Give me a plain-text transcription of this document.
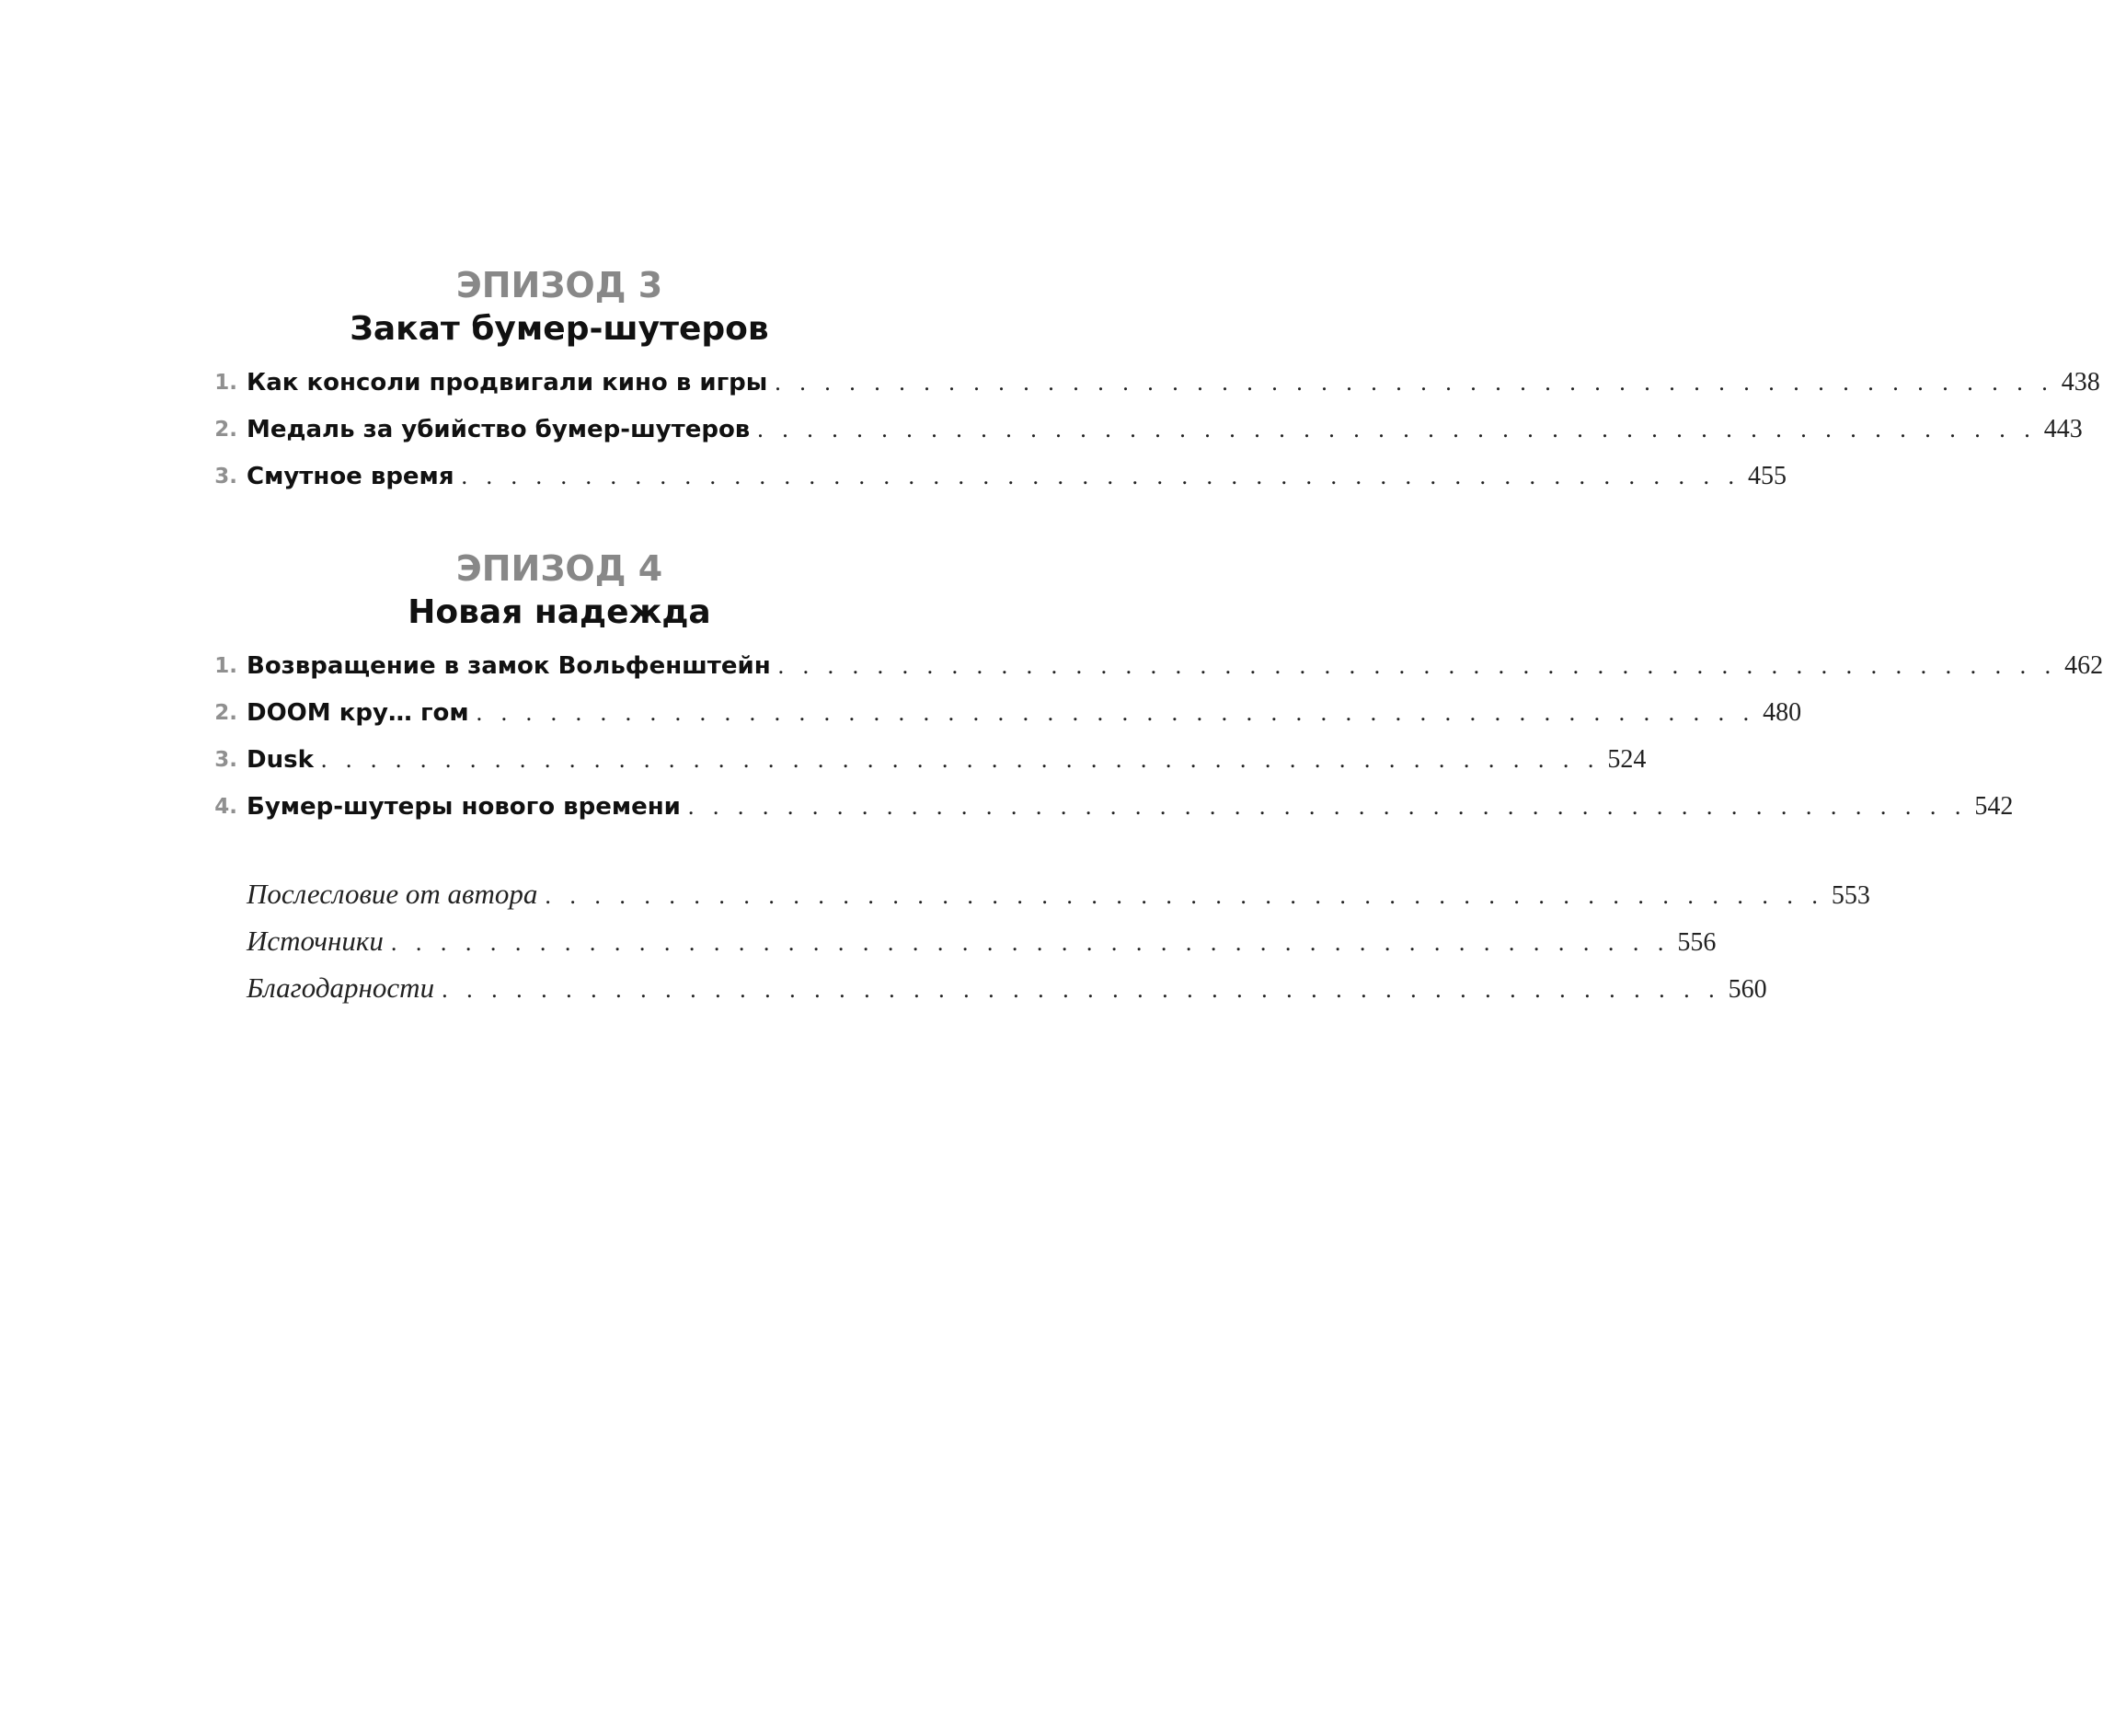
ЭПИЗОД 3
Закат бумер-шутеров
1. Как консоли продвигали кино в игры . . . . . . . . . . . . . . . . . . . . . . . . . . . . . . . . . . . . . . . . . . . . . . . . . . . . 438
2. Медаль за убийство бумер-шутеров . . . . . . . . . . . . . . . . . . . . . . . . . . . . . . . . . . . . . . . . . . . . . . . . . . . . 443
3. Смутное время . . . . . . . . . . . . . . . . . . . . . . . . . . . . . . . . . . . . . . . . . . . . . . . . . . . . 455
ЭПИЗОД 4
Новая надежда
1. Возвращение в замок Вольфенштейн . . . . . . . . . . . . . . . . . . . . . . . . . . . . . . . . . . . . . . . . . . . . . . . . . . . . 462
2. DOOM кру… гом . . . . . . . . . . . . . . . . . . . . . . . . . . . . . . . . . . . . . . . . . . . . . . . . . . . . 480
3. Dusk . . . . . . . . . . . . . . . . . . . . . . . . . . . . . . . . . . . . . . . . . . . . . . . . . . . . 524
4. Бумер-шутеры нового времени . . . . . . . . . . . . . . . . . . . . . . . . . . . . . . . . . . . . . . . . . . . . . . . . . . . . 542
Послесловие от автора . . . . . . . . . . . . . . . . . . . . . . . . . . . . . . . . . . . . . . . . . . . . . . . . . . . . 553
Источники . . . . . . . . . . . . . . . . . . . . . . . . . . . . . . . . . . . . . . . . . . . . . . . . . . . . 556
Благодарности . . . . . . . . . . . . . . . . . . . . . . . . . . . . . . . . . . . . . . . . . . . . . . . . . . . . 560
